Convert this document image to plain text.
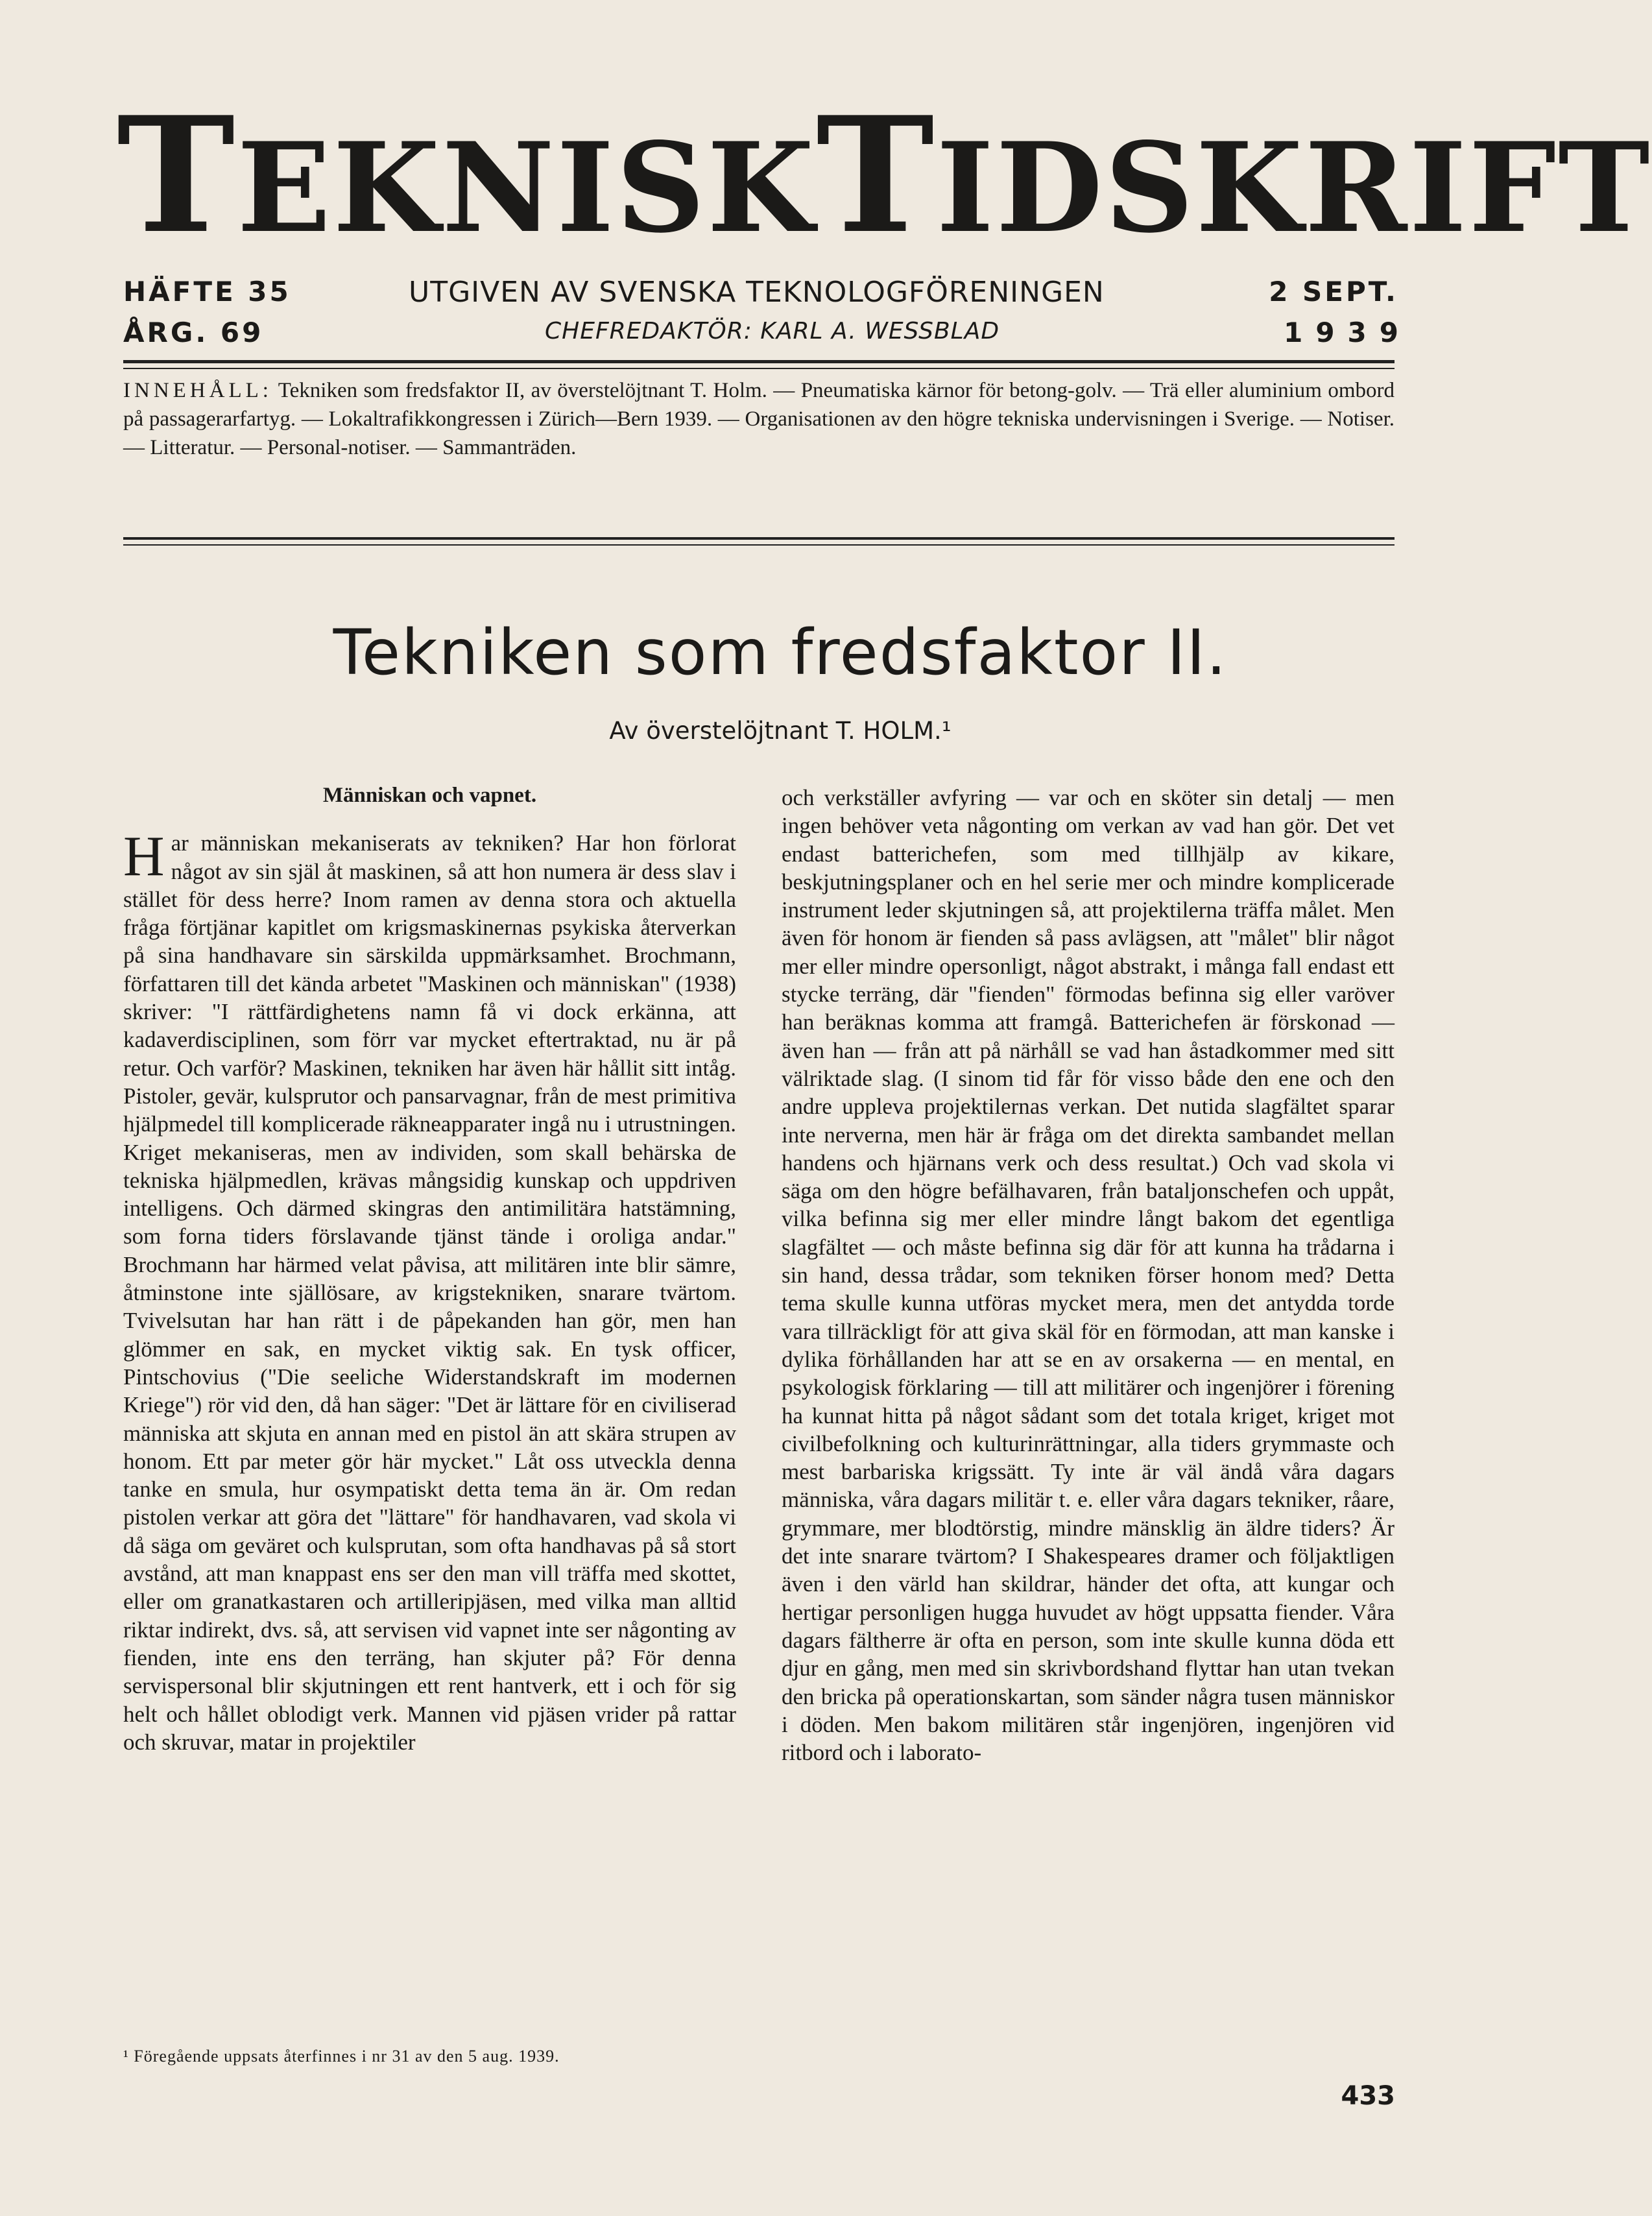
TEKNISKTIDSKRIFT
HÄFTE 35
ÅRG. 69
UTGIVEN AV SVENSKA TEKNOLOGFÖRENINGEN
CHEFREDAKTÖR: KARL A. WESSBLAD
2 SEPT.
1939
INNEHÅLL: Tekniken som fredsfaktor II, av överstelöjtnant T. Holm. — Pneumatiska kärnor för betong-golv. — Trä eller aluminium ombord på passagerarfartyg. — Lokaltrafikkongressen i Zürich—Bern 1939. — Organisationen av den högre tekniska undervisningen i Sverige. — Notiser. — Litteratur. — Personal-notiser. — Sammanträden.
Tekniken som fredsfaktor II.
Av överstelöjtnant T. HOLM.¹
Människan och vapnet.

Har människan mekaniserats av tekniken? Har hon förlorat något av sin själ åt maskinen, så att hon numera är dess slav i stället för dess herre? Inom ramen av denna stora och aktuella fråga förtjänar kapitlet om krigsmaskinernas psykiska återverkan på sina handhavare sin särskilda uppmärksamhet. Brochmann, författaren till det kända arbetet "Maskinen och människan" (1938) skriver: "I rättfärdighetens namn få vi dock erkänna, att kadaverdisciplinen, som förr var mycket eftertraktad, nu är på retur. Och varför? Maskinen, tekniken har även här hållit sitt intåg. Pistoler, gevär, kulsprutor och pansarvagnar, från de mest primitiva hjälpmedel till komplicerade räkneapparater ingå nu i utrustningen. Kriget mekaniseras, men av individen, som skall behärska de tekniska hjälpmedlen, krävas mångsidig kunskap och uppdriven intelligens. Och därmed skingras den antimilitära hatstämning, som forna tiders förslavande tjänst tände i oroliga andar." Brochmann har härmed velat påvisa, att militären inte blir sämre, åtminstone inte själlösare, av krigstekniken, snarare tvärtom. Tvivelsutan har han rätt i de påpekanden han gör, men han glömmer en sak, en mycket viktig sak. En tysk officer, Pintschovius ("Die seeliche Widerstandskraft im modernen Kriege") rör vid den, då han säger: "Det är lättare för en civiliserad människa att skjuta en annan med en pistol än att skära strupen av honom. Ett par meter gör här mycket." Låt oss utveckla denna tanke en smula, hur osympatiskt detta tema än är. Om redan pistolen verkar att göra det "lättare" för handhavaren, vad skola vi då säga om geväret och kulsprutan, som ofta handhavas på så stort avstånd, att man knappast ens ser den man vill träffa med skottet, eller om granatkastaren och artilleripjäsen, med vilka man alltid riktar indirekt, dvs. så, att servisen vid vapnet inte ser någonting av fienden, inte ens den terräng, han skjuter på? För denna servispersonal blir skjutningen ett rent hantverk, ett i och för sig helt och hållet oblodigt verk. Mannen vid pjäsen vrider på rattar och skruvar, matar in projektiler

och verkställer avfyring — var och en sköter sin detalj — men ingen behöver veta någonting om verkan av vad han gör. Det vet endast batterichefen, som med tillhjälp av kikare, beskjutningsplaner och en hel serie mer och mindre komplicerade instrument leder skjutningen så, att projektilerna träffa målet. Men även för honom är fienden så pass avlägsen, att "målet" blir något mer eller mindre opersonligt, något abstrakt, i många fall endast ett stycke terräng, där "fienden" förmodas befinna sig eller varöver han beräknas komma att framgå. Batterichefen är förskonad — även han — från att på närhåll se vad han åstadkommer med sitt välriktade slag. (I sinom tid får för visso både den ene och den andre uppleva projektilernas verkan. Det nutida slagfältet sparar inte nerverna, men här är fråga om det direkta sambandet mellan handens och hjärnans verk och dess resultat.) Och vad skola vi säga om den högre befälhavaren, från bataljonschefen och uppåt, vilka befinna sig mer eller mindre långt bakom det egentliga slagfältet — och måste befinna sig där för att kunna ha trådarna i sin hand, dessa trådar, som tekniken förser honom med? Detta tema skulle kunna utföras mycket mera, men det antydda torde vara tillräckligt för att giva skäl för en förmodan, att man kanske i dylika förhållanden har att se en av orsakerna — en mental, en psykologisk förklaring — till att militärer och ingenjörer i förening ha kunnat hitta på något sådant som det totala kriget, kriget mot civilbefolkning och kulturinrättningar, alla tiders grymmaste och mest barbariska krigssätt. Ty inte är väl ändå våra dagars människa, våra dagars militär t. e. eller våra dagars tekniker, råare, grymmare, mer blodtörstig, mindre mänsklig än äldre tiders? Är det inte snarare tvärtom? I Shakespeares dramer och följaktligen även i den värld han skildrar, händer det ofta, att kungar och hertigar personligen hugga huvudet av högt uppsatta fiender. Våra dagars fältherre är ofta en person, som inte skulle kunna döda ett djur en gång, men med sin skrivbordshand flyttar han utan tvekan den bricka på operationskartan, som sänder några tusen människor i döden. Men bakom militären står ingenjören, ingenjören vid ritbord och i laborato-

¹ Föregående uppsats återfinnes i nr 31 av den 5 aug. 1939.
433
